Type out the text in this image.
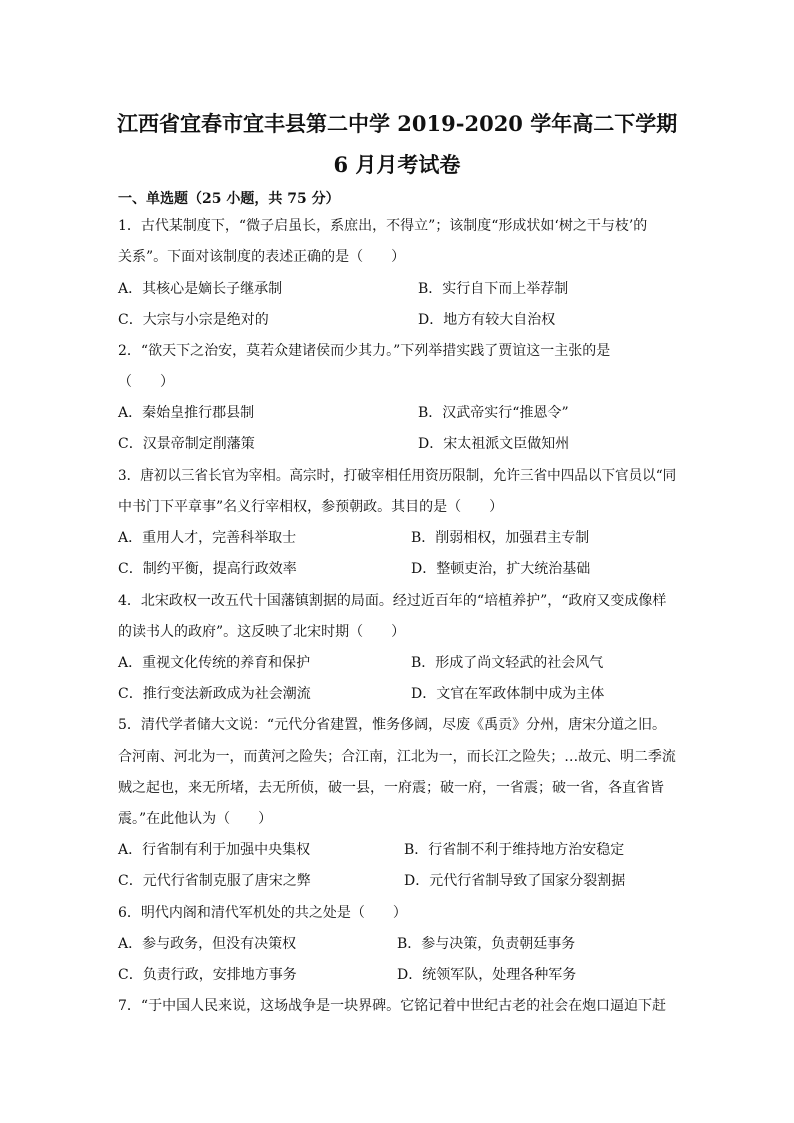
江西省宜春市宜丰县第二中学 2019-2020 学年高二下学期
6 月月考试卷
一、单选题（25 小题，共 75 分）
1．古代某制度下，“微子启虽长，系庶出，不得立”；该制度“形成状如‘树之干与枝’的
关系”。下面对该制度的表述正确的是（　　）
A．其核心是嫡长子继承制	B．实行自下而上举荐制
C．大宗与小宗是绝对的	D．地方有较大自治权
2．“欲天下之治安，莫若众建诸侯而少其力。”下列举措实践了贾谊这一主张的是
（　　）
A．秦始皇推行郡县制	B．汉武帝实行“推恩令”
C．汉景帝制定削藩策	D．宋太祖派文臣做知州
3．唐初以三省长官为宰相。高宗时，打破宰相任用资历限制，允许三省中四品以下官员以“同
中书门下平章事”名义行宰相权，参预朝政。其目的是（　　）
A．重用人才，完善科举取士	B．削弱相权，加强君主专制
C．制约平衡，提高行政效率	D．整顿吏治，扩大统治基础
4．北宋政权一改五代十国藩镇割据的局面。经过近百年的“培植养护”，“政府又变成像样
的读书人的政府”。这反映了北宋时期（　　）
A．重视文化传统的养育和保护	B．形成了尚文轻武的社会风气
C．推行变法新政成为社会潮流	D．文官在军政体制中成为主体
5．清代学者储大文说：“元代分省建置，惟务侈阔，尽废《禹贡》分州，唐宋分道之旧。
合河南、河北为一，而黄河之险失；合江南，江北为一，而长江之险失；…故元、明二季流
贼之起也，来无所堵，去无所侦，破一县，一府震；破一府，一省震；破一省，各直省皆
震。”在此他认为（　　）
A．行省制有利于加强中央集权	B．行省制不利于维持地方治安稳定
C．元代行省制克服了唐宋之弊	D．元代行省制导致了国家分裂割据
6．明代内阁和清代军机处的共之处是（　　）
A．参与政务，但没有决策权	B．参与决策，负责朝廷事务
C．负责行政，安排地方事务	D．统领军队，处理各种军务
7．“于中国人民来说，这场战争是一块界碑。它铭记着中世纪古老的社会在炮口逼迫下赶
